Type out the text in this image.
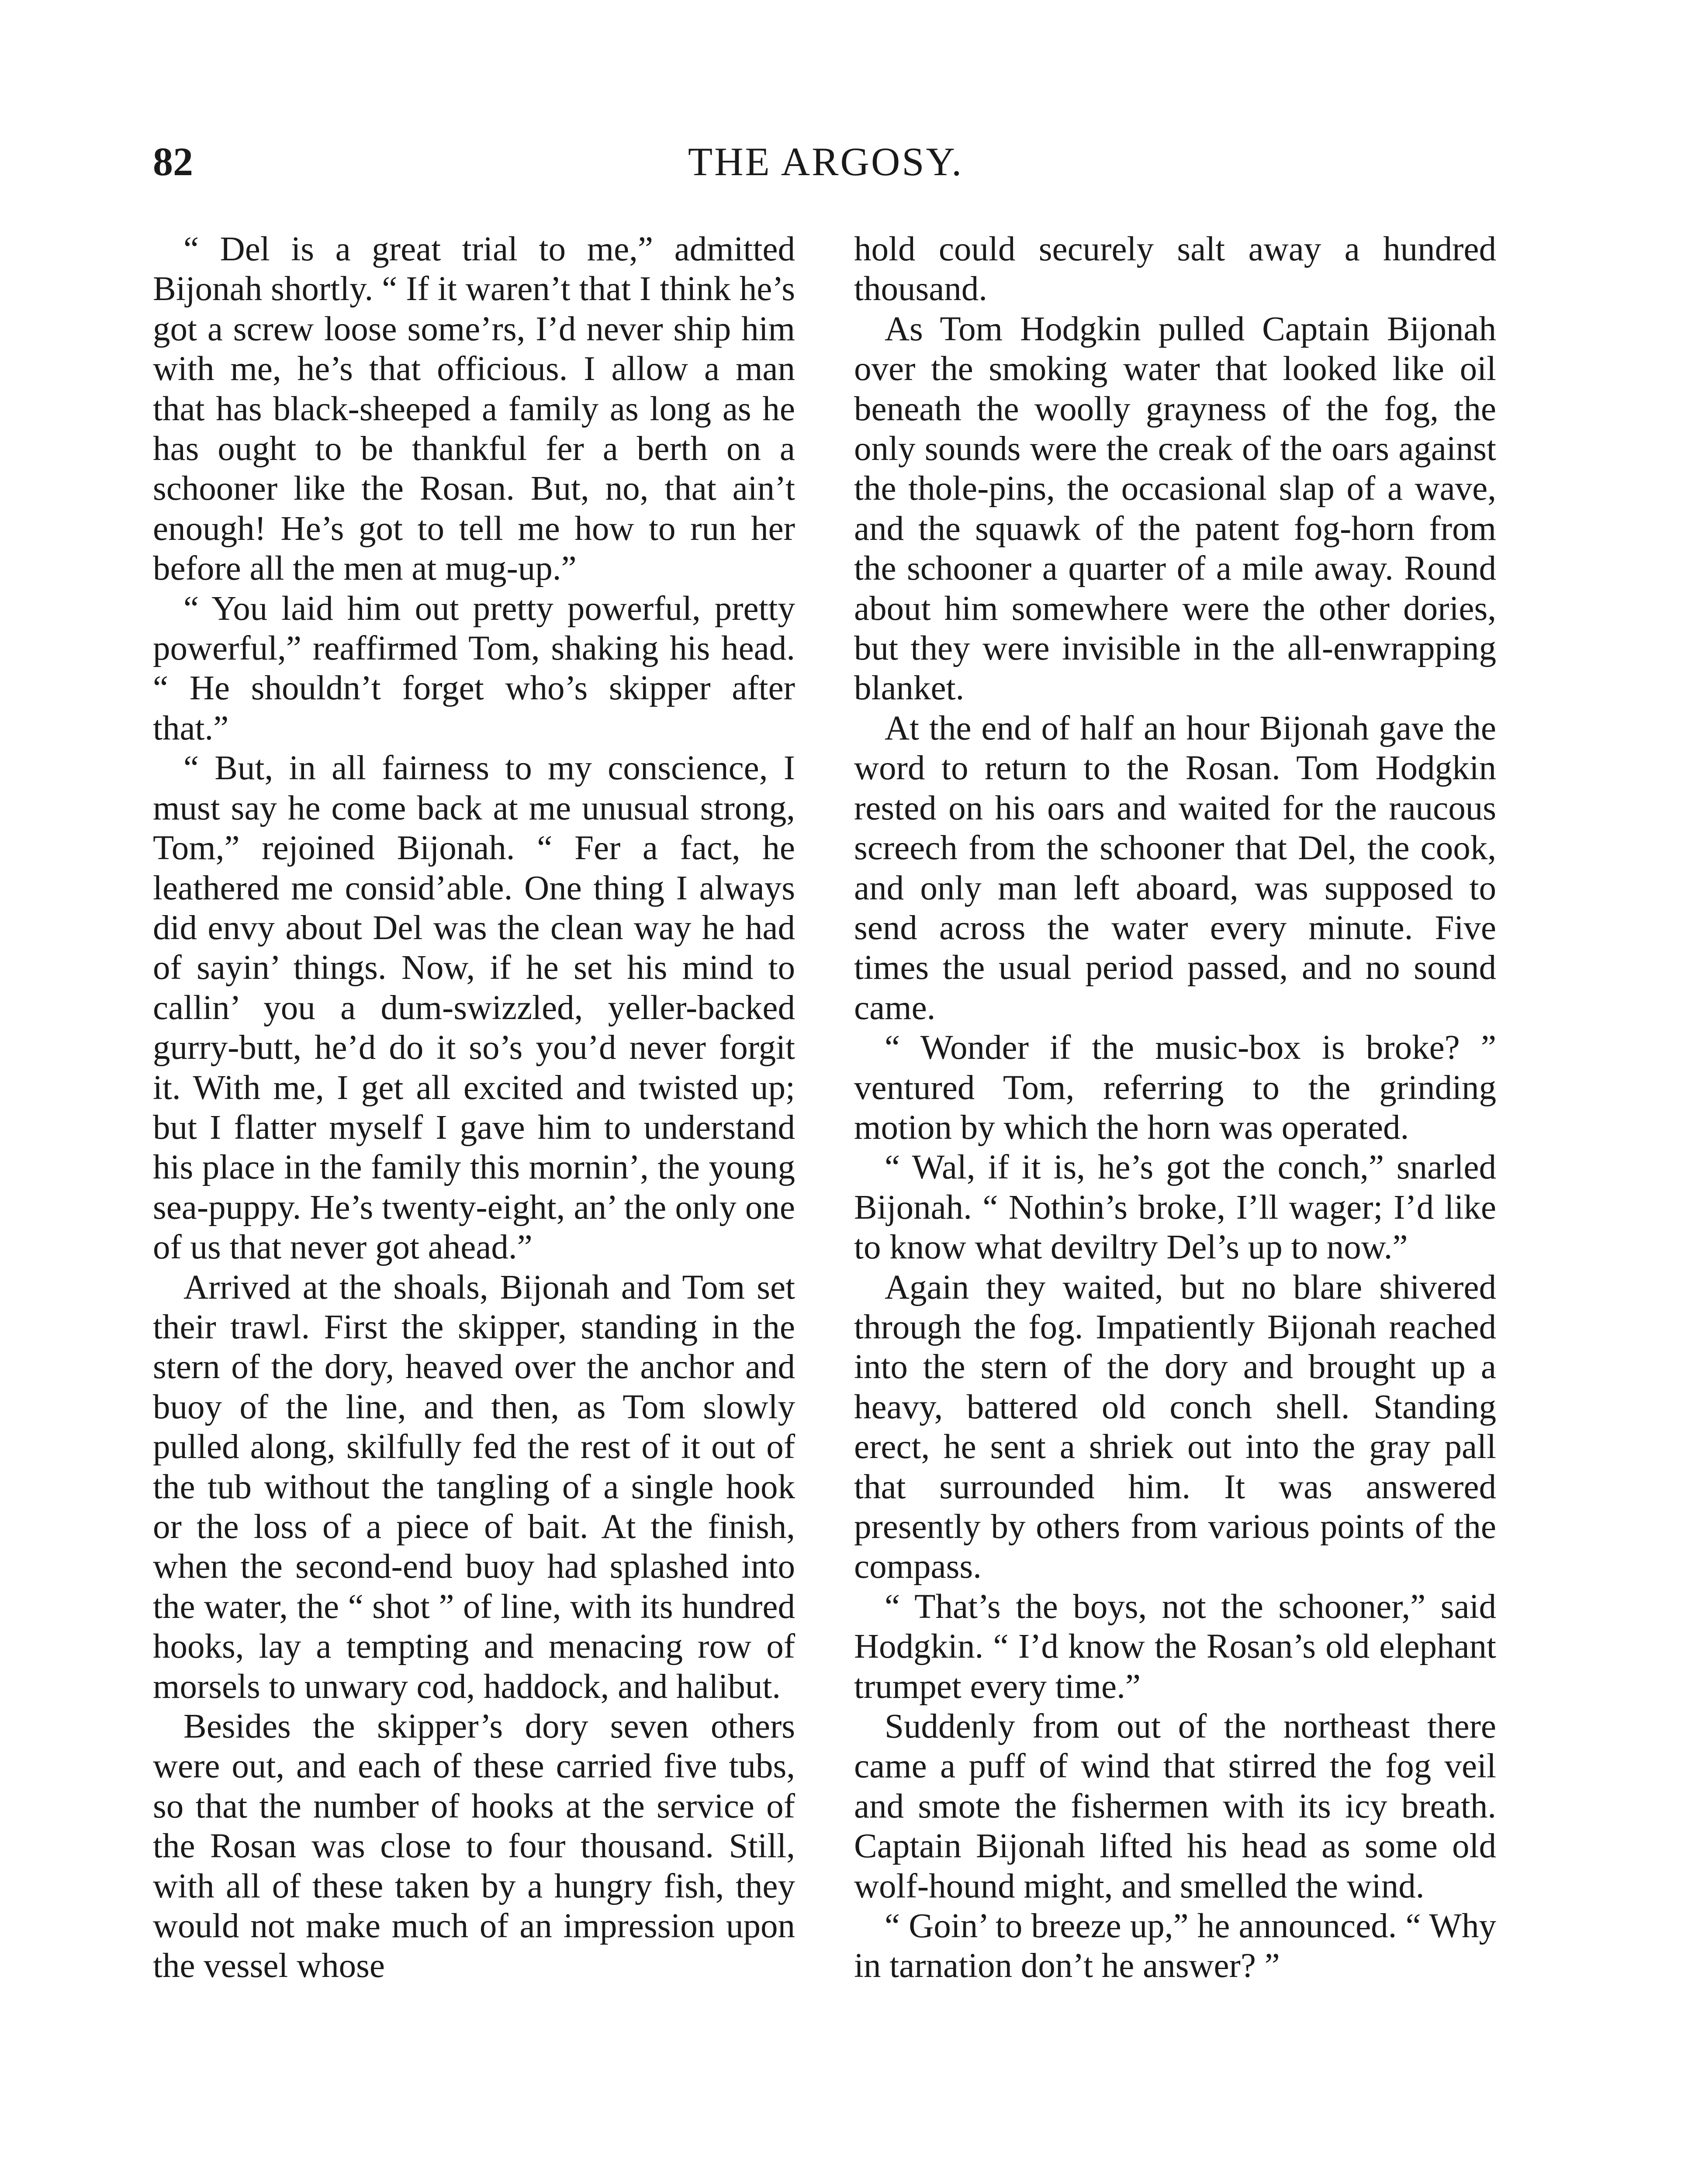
82	THE ARGOSY.

“ Del is a great trial to me,” admitted Bijonah shortly. “ If it waren’t that I think he’s got a screw loose some’rs, I’d never ship him with me, he’s that officious. I allow a man that has black-sheeped a family as long as he has ought to be thankful fer a berth on a schooner like the Rosan. But, no, that ain’t enough! He’s got to tell me how to run her before all the men at mug-up.”

“ You laid him out pretty powerful, pretty powerful,” reaffirmed Tom, shaking his head. “ He shouldn’t forget who’s skipper after that.”

“ But, in all fairness to my conscience, I must say he come back at me unusual strong, Tom,” rejoined Bijonah. “ Fer a fact, he leathered me consid’able. One thing I always did envy about Del was the clean way he had of sayin’ things. Now, if he set his mind to callin’ you a dum-swizzled, yeller-backed gurry-butt, he’d do it so’s you’d never forgit it. With me, I get all excited and twisted up; but I flatter myself I gave him to understand his place in the family this mornin’, the young sea-puppy. He’s twenty-eight, an’ the only one of us that never got ahead.”

Arrived at the shoals, Bijonah and Tom set their trawl. First the skipper, standing in the stern of the dory, heaved over the anchor and buoy of the line, and then, as Tom slowly pulled along, skilfully fed the rest of it out of the tub without the tangling of a single hook or the loss of a piece of bait. At the finish, when the second-end buoy had splashed into the water, the “ shot ” of line, with its hundred hooks, lay a tempting and menacing row of morsels to unwary cod, haddock, and halibut.

Besides the skipper’s dory seven others were out, and each of these carried five tubs, so that the number of hooks at the service of the Rosan was close to four thousand. Still, with all of these taken by a hungry fish, they would not make much of an impression upon the vessel whose

hold could securely salt away a hundred thousand.

As Tom Hodgkin pulled Captain Bijonah over the smoking water that looked like oil beneath the woolly grayness of the fog, the only sounds were the creak of the oars against the thole-pins, the occasional slap of a wave, and the squawk of the patent fog-horn from the schooner a quarter of a mile away. Round about him somewhere were the other dories, but they were invisible in the all-enwrapping blanket.

At the end of half an hour Bijonah gave the word to return to the Rosan. Tom Hodgkin rested on his oars and waited for the raucous screech from the schooner that Del, the cook, and only man left aboard, was supposed to send across the water every minute. Five times the usual period passed, and no sound came.

“ Wonder if the music-box is broke? ” ventured Tom, referring to the grinding motion by which the horn was operated.

“ Wal, if it is, he’s got the conch,” snarled Bijonah. “ Nothin’s broke, I’ll wager; I’d like to know what deviltry Del’s up to now.”

Again they waited, but no blare shivered through the fog. Impatiently Bijonah reached into the stern of the dory and brought up a heavy, battered old conch shell. Standing erect, he sent a shriek out into the gray pall that surrounded him. It was answered presently by others from various points of the compass.

“ That’s the boys, not the schooner,” said Hodgkin. “ I’d know the Rosan’s old elephant trumpet every time.”

Suddenly from out of the northeast there came a puff of wind that stirred the fog veil and smote the fishermen with its icy breath. Captain Bijonah lifted his head as some old wolf-hound might, and smelled the wind.

“ Goin’ to breeze up,” he announced. “ Why in tarnation don’t he answer? ”
